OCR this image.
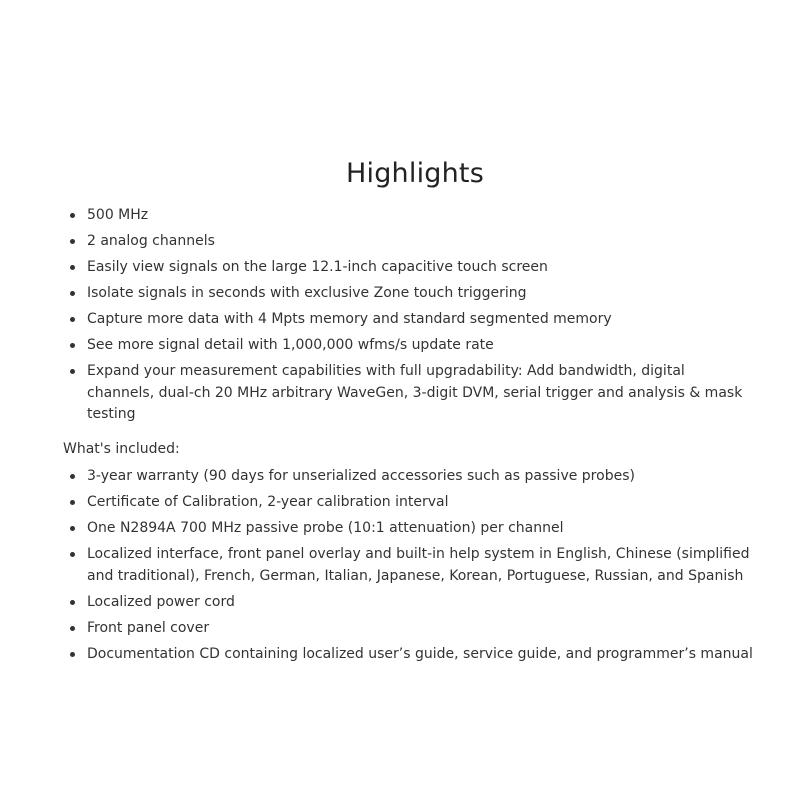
Highlights
500 MHz
2 analog channels
Easily view signals on the large 12.1-inch capacitive touch screen
Isolate signals in seconds with exclusive Zone touch triggering
Capture more data with 4 Mpts memory and standard segmented memory
See more signal detail with 1,000,000 wfms/s update rate
Expand your measurement capabilities with full upgradability: Add bandwidth, digital channels, dual-ch 20 MHz arbitrary WaveGen, 3-digit DVM, serial trigger and analysis & mask testing
What's included:
3-year warranty (90 days for unserialized accessories such as passive probes)
Certificate of Calibration, 2-year calibration interval
One N2894A 700 MHz passive probe (10:1 attenuation) per channel
Localized interface, front panel overlay and built-in help system in English, Chinese (simplified and traditional), French, German, Italian, Japanese, Korean, Portuguese, Russian, and Spanish
Localized power cord
Front panel cover
Documentation CD containing localized user’s guide, service guide, and programmer’s manual
